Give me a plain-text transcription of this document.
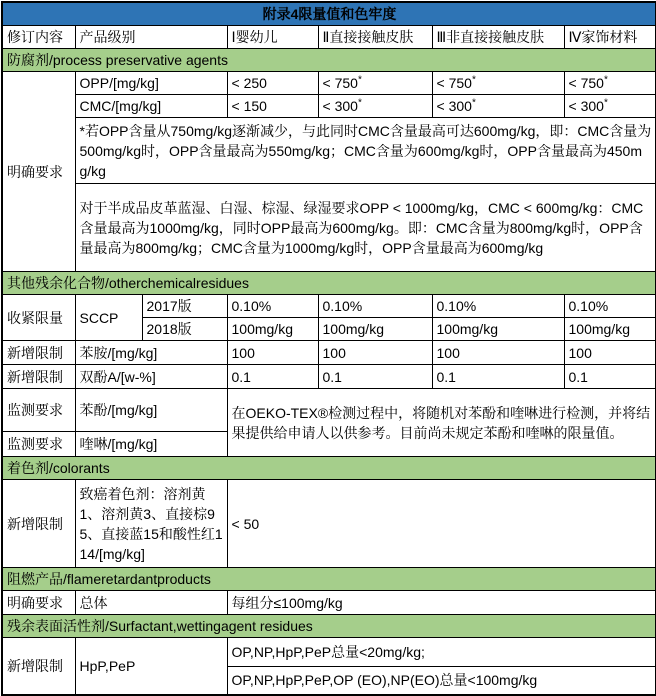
附录4限量值和色牢度						
修订内容	产品级别		Ⅰ婴幼儿	Ⅱ直接接触皮肤	Ⅲ非直接接触皮肤	Ⅳ家饰材料
防腐剂/process preservative agents						
明确要求	OPP/[mg/kg]		< 250	< 750*	< 750*	< 750*
	CMC/[mg/kg]		< 150	< 300*	< 300*	< 300*
	*若OPP含量从750mg/kg逐渐减少，与此同时CMC含量最高可达600mg/kg，即：CMC含量为500mg/kg时，OPP含量最高为550mg/kg；CMC含量为600mg/kg时，OPP含量最高为450mg/kg					
	对于半成品皮革蓝湿、白湿、棕湿、绿湿要求OPP < 1000mg/kg，CMC < 600mg/kg：CMC含量最高为1000mg/kg，同时OPP最高为600mg/kg。即：CMC含量为800mg/kg时，OPP含量最高为800mg/kg；CMC含量为1000mg/kg时，OPP含量最高为600mg/kg					
其他残余化合物/otherchemicalresidues						
收紧限量	SCCP	2017版	0.10%	0.10%	0.10%	0.10%
		2018版	100mg/kg	100mg/kg	100mg/kg	100mg/kg
新增限制	苯胺/[mg/kg]		100	100	100	100
新增限制	双酚A/[w-%]		0.1	0.1	0.1	0.1
监测要求	苯酚/[mg/kg]		在OEKO-TEX®检测过程中，将随机对苯酚和喹啉进行检测，并将结果提供给申请人以供参考。目前尚未规定苯酚和喹啉的限量值。			
监测要求	喹啉/[mg/kg]					
着色剂/colorants						
新增限制	致癌着色剂：溶剂黄1、溶剂黄3、直接棕95、直接蓝15和酸性红114/[mg/kg]		< 50			
阻燃产品/flameretardantproducts						
明确要求	总体		每组分≤100mg/kg			
残余表面活性剂/Surfactant,wettingagent residues						
新增限制	HpP,PeP		OP,NP,HpP,PeP总量<20mg/kg;			
			OP,NP,HpP,PeP,OP (EO),NP(EO)总量<100mg/kg			
